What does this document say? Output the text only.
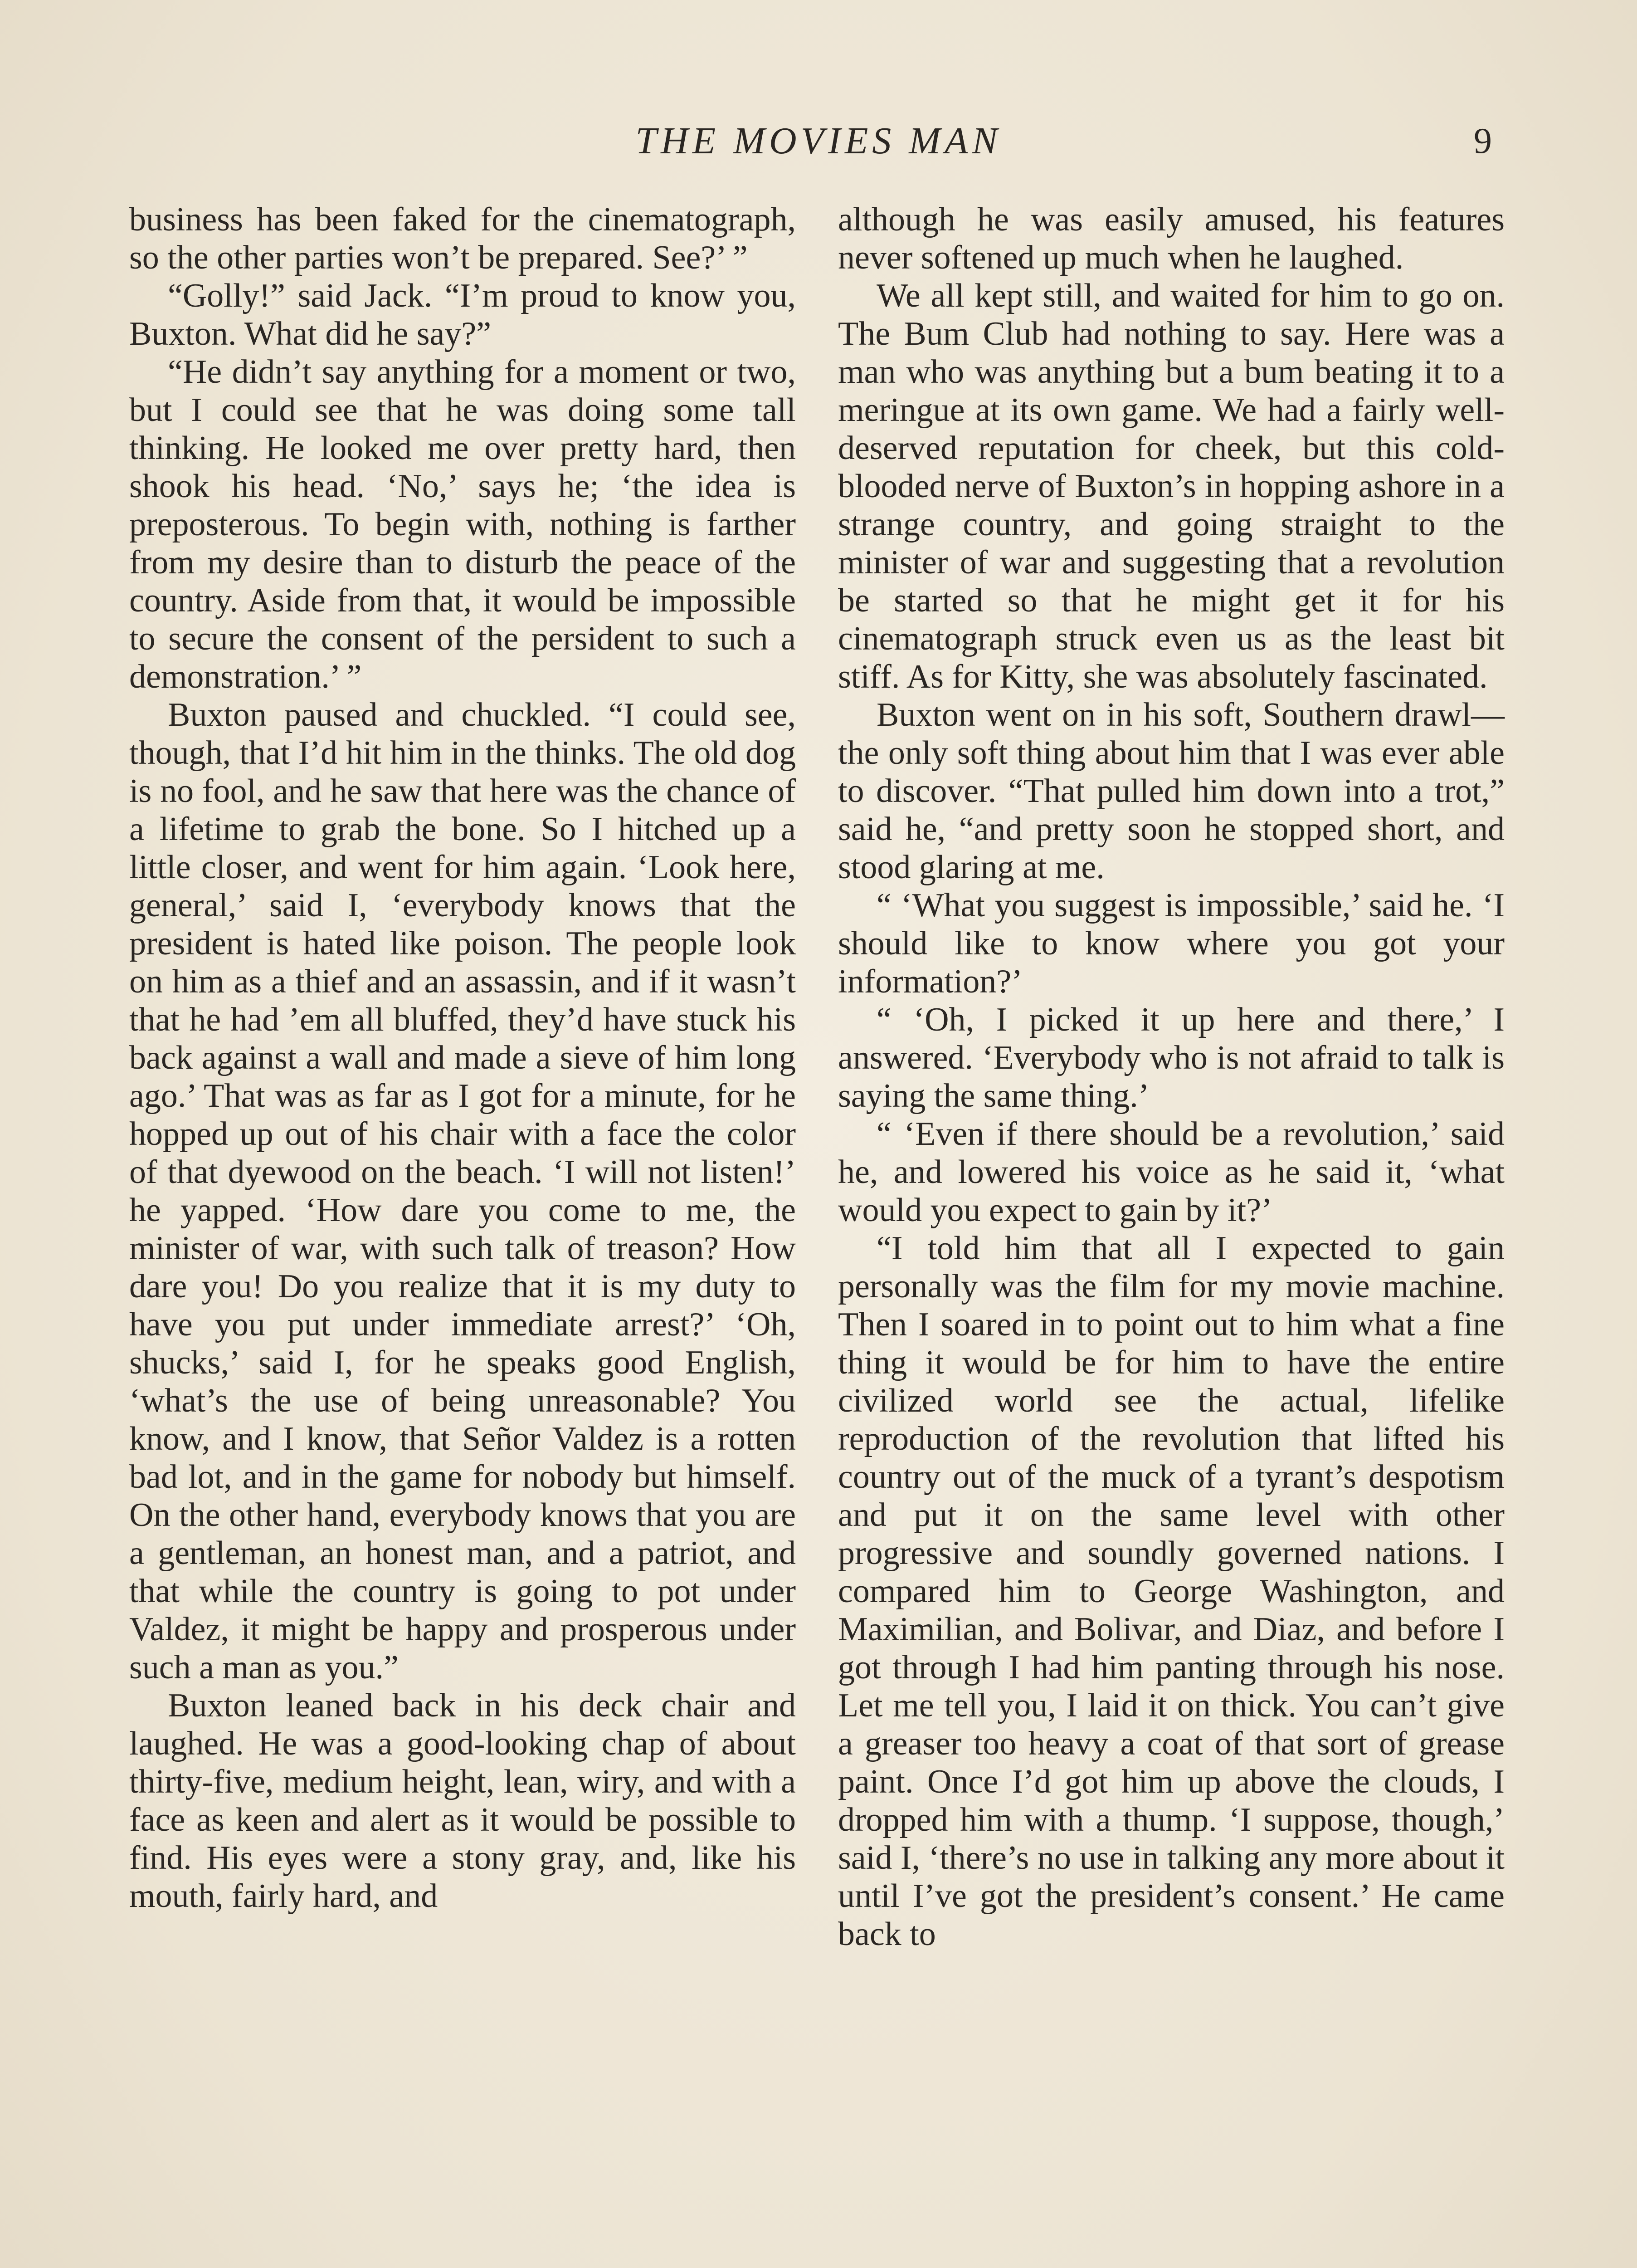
THE MOVIES MAN	9

business has been faked for the cinematograph, so the other parties won’t be prepared. See?’ ”

“Golly!” said Jack. “I’m proud to know you, Buxton. What did he say?”

“He didn’t say anything for a moment or two, but I could see that he was doing some tall thinking. He looked me over pretty hard, then shook his head. ‘No,’ says he; ‘the idea is preposterous. To begin with, nothing is farther from my desire than to disturb the peace of the country. Aside from that, it would be impossible to secure the consent of the persident to such a demonstration.’ ”

Buxton paused and chuckled. “I could see, though, that I’d hit him in the thinks. The old dog is no fool, and he saw that here was the chance of a lifetime to grab the bone. So I hitched up a little closer, and went for him again. ‘Look here, general,’ said I, ‘everybody knows that the president is hated like poison. The people look on him as a thief and an assassin, and if it wasn’t that he had ’em all bluffed, they’d have stuck his back against a wall and made a sieve of him long ago.’ That was as far as I got for a minute, for he hopped up out of his chair with a face the color of that dyewood on the beach. ‘I will not listen!’ he yapped. ‘How dare you come to me, the minister of war, with such talk of treason? How dare you! Do you realize that it is my duty to have you put under immediate arrest?’ ‘Oh, shucks,’ said I, for he speaks good English, ‘what’s the use of being unreasonable? You know, and I know, that Señor Valdez is a rotten bad lot, and in the game for nobody but himself. On the other hand, everybody knows that you are a gentleman, an honest man, and a patriot, and that while the country is going to pot under Valdez, it might be happy and prosperous under such a man as you.”

Buxton leaned back in his deck chair and laughed. He was a good-looking chap of about thirty-five, medium height, lean, wiry, and with a face as keen and alert as it would be possible to find. His eyes were a stony gray, and, like his mouth, fairly hard, and

although he was easily amused, his features never softened up much when he laughed.

We all kept still, and waited for him to go on. The Bum Club had nothing to say. Here was a man who was anything but a bum beating it to a meringue at its own game. We had a fairly well-deserved reputation for cheek, but this cold-blooded nerve of Buxton’s in hopping ashore in a strange country, and going straight to the minister of war and suggesting that a revolution be started so that he might get it for his cinematograph struck even us as the least bit stiff. As for Kitty, she was absolutely fascinated.

Buxton went on in his soft, Southern drawl—the only soft thing about him that I was ever able to discover. “That pulled him down into a trot,” said he, “and pretty soon he stopped short, and stood glaring at me.

“ ‘What you suggest is impossible,’ said he. ‘I should like to know where you got your information?’

“ ‘Oh, I picked it up here and there,’ I answered. ‘Everybody who is not afraid to talk is saying the same thing.’

“ ‘Even if there should be a revolution,’ said he, and lowered his voice as he said it, ‘what would you expect to gain by it?’

“I told him that all I expected to gain personally was the film for my movie machine. Then I soared in to point out to him what a fine thing it would be for him to have the entire civilized world see the actual, lifelike reproduction of the revolution that lifted his country out of the muck of a tyrant’s despotism and put it on the same level with other progressive and soundly governed nations. I compared him to George Washington, and Maximilian, and Bolivar, and Diaz, and before I got through I had him panting through his nose. Let me tell you, I laid it on thick. You can’t give a greaser too heavy a coat of that sort of grease paint. Once I’d got him up above the clouds, I dropped him with a thump. ‘I suppose, though,’ said I, ‘there’s no use in talking any more about it until I’ve got the president’s consent.’ He came back to
